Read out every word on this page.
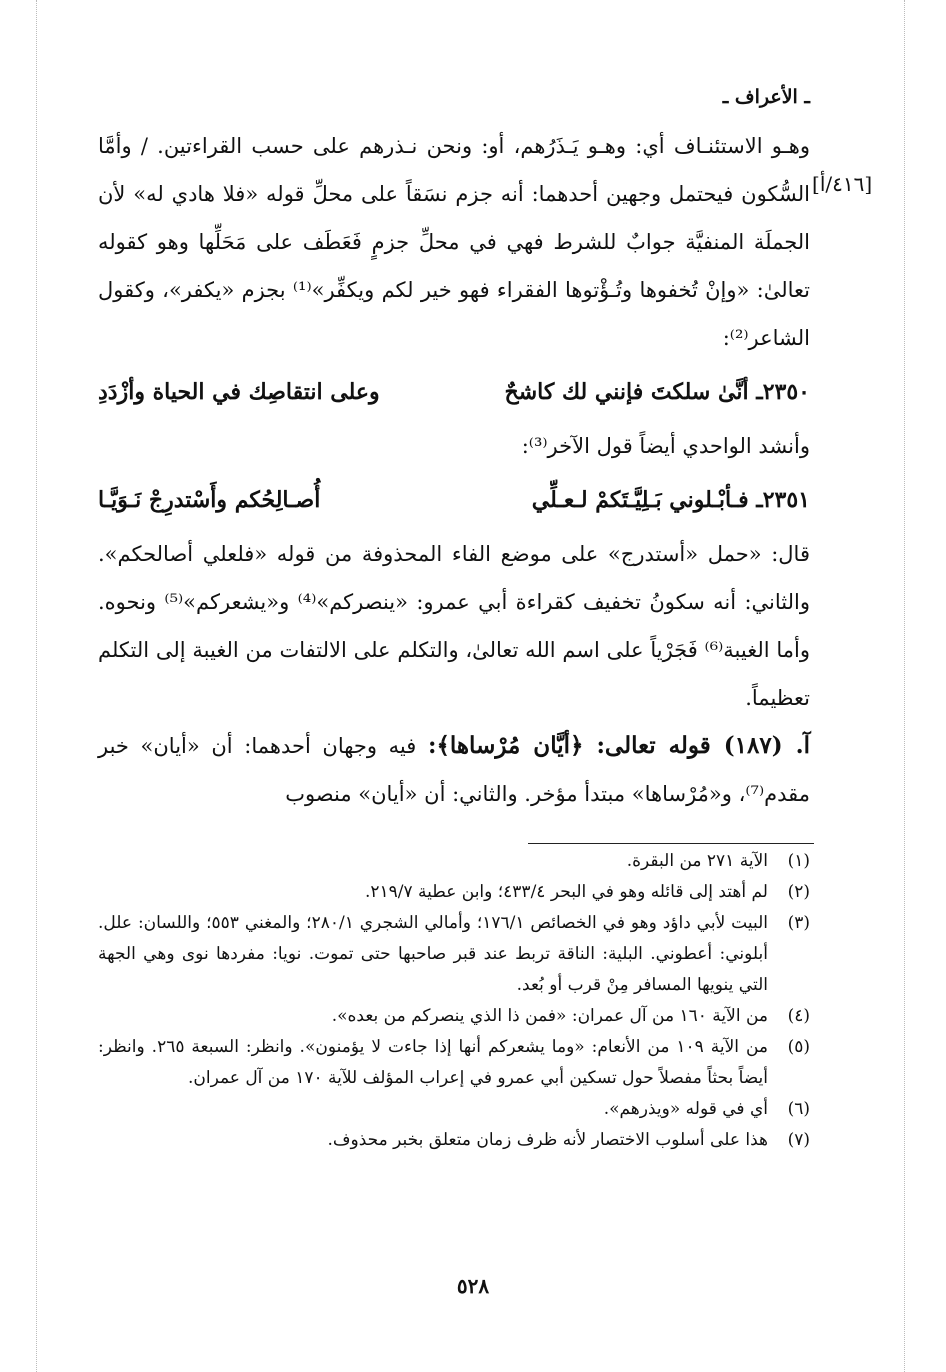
ـ الأعراف ـ
[٤١٦/أ]

وهـو الاستئنـاف أي: وهـو يَـذَرُهم، أو: ونحن نـذرهم على حسب القراءتين. / وأمَّا السُّكون فيحتمل وجهين أحدهما: أنه جزم نسَقاً على محلِّ قوله «فلا هادي له» لأن الجملَة المنفيَّة جوابٌ للشرط فهي في محلِّ جزمٍ فَعَطَف على مَحَلِّها وهو كقوله تعالىٰ: «وإنْ تُخفوها وتُـؤْتوها الفقراء فهو خير لكم ويكفِّر»⁽¹⁾ بجزم «يكفر»، وكقول الشاعر⁽²⁾:

٢٣٥٠ـ أنَّىٰ سلكتَ فإنني لك كاشحٌ
وعلى انتقاصِك في الحياة وأزْدَدِ

وأنشد الواحدي أيضاً قول الآخر⁽³⁾:

٢٣٥١ـ فـأبْـلوني بَـلِيَّـتَكمْ لـعـلِّي
أُصـالِحُكم وأَسْتدرِجْ نَـوَيَّـا

قال: «حمل «أستدرج» على موضع الفاء المحذوفة من قوله «فلعلي أصالحكم». والثاني: أنه سكونُ تخفيف كقراءة أبي عمرو: «ينصركم»⁽⁴⁾ و«يشعركم»⁽⁵⁾ ونحوه. وأما الغيبة⁽⁶⁾ فَجَرْياً على اسم الله تعالىٰ، والتكلم على الالتفات من الغيبة إلى التكلم تعظيماً.

آ. (١٨٧) قوله تعالى: ﴿أيَّان مُرْساها﴾: فيه وجهان أحدهما: أن «أيان» خبر مقدم⁽⁷⁾، و«مُرْساها» مبتدأ مؤخر. والثاني: أن «أيان» منصوب

(١)
الآية ٢٧١ من البقرة.
(٢)
لم أهتد إلى قائله وهو في البحر ٤٣٣/٤؛ وابن عطية ٢١٩/٧.
(٣)
البيت لأبي داؤد وهو في الخصائص ١٧٦/١؛ وأمالي الشجري ٢٨٠/١؛ والمغني ٥٥٣؛ واللسان: علل. أبلوني: أعطوني. البلية: الناقة تربط عند قبر صاحبها حتى تموت. نويا: مفردها نوى وهي الجهة التي ينويها المسافر مِنْ قرب أو بُعد.
(٤)
من الآية ١٦٠ من آل عمران: «فمن ذا الذي ينصركم من بعده».
(٥)
من الآية ١٠٩ من الأنعام: «وما يشعركم أنها إذا جاءت لا يؤمنون». وانظر: السبعة ٢٦٥. وانظر: أيضاً بحثاً مفصلاً حول تسكين أبي عمرو في إعراب المؤلف للآية ١٧٠ من آل عمران.
(٦)
أي في قوله «ويذرهم».
(٧)
هذا على أسلوب الاختصار لأنه ظرف زمان متعلق بخبر محذوف.
٥٢٨
